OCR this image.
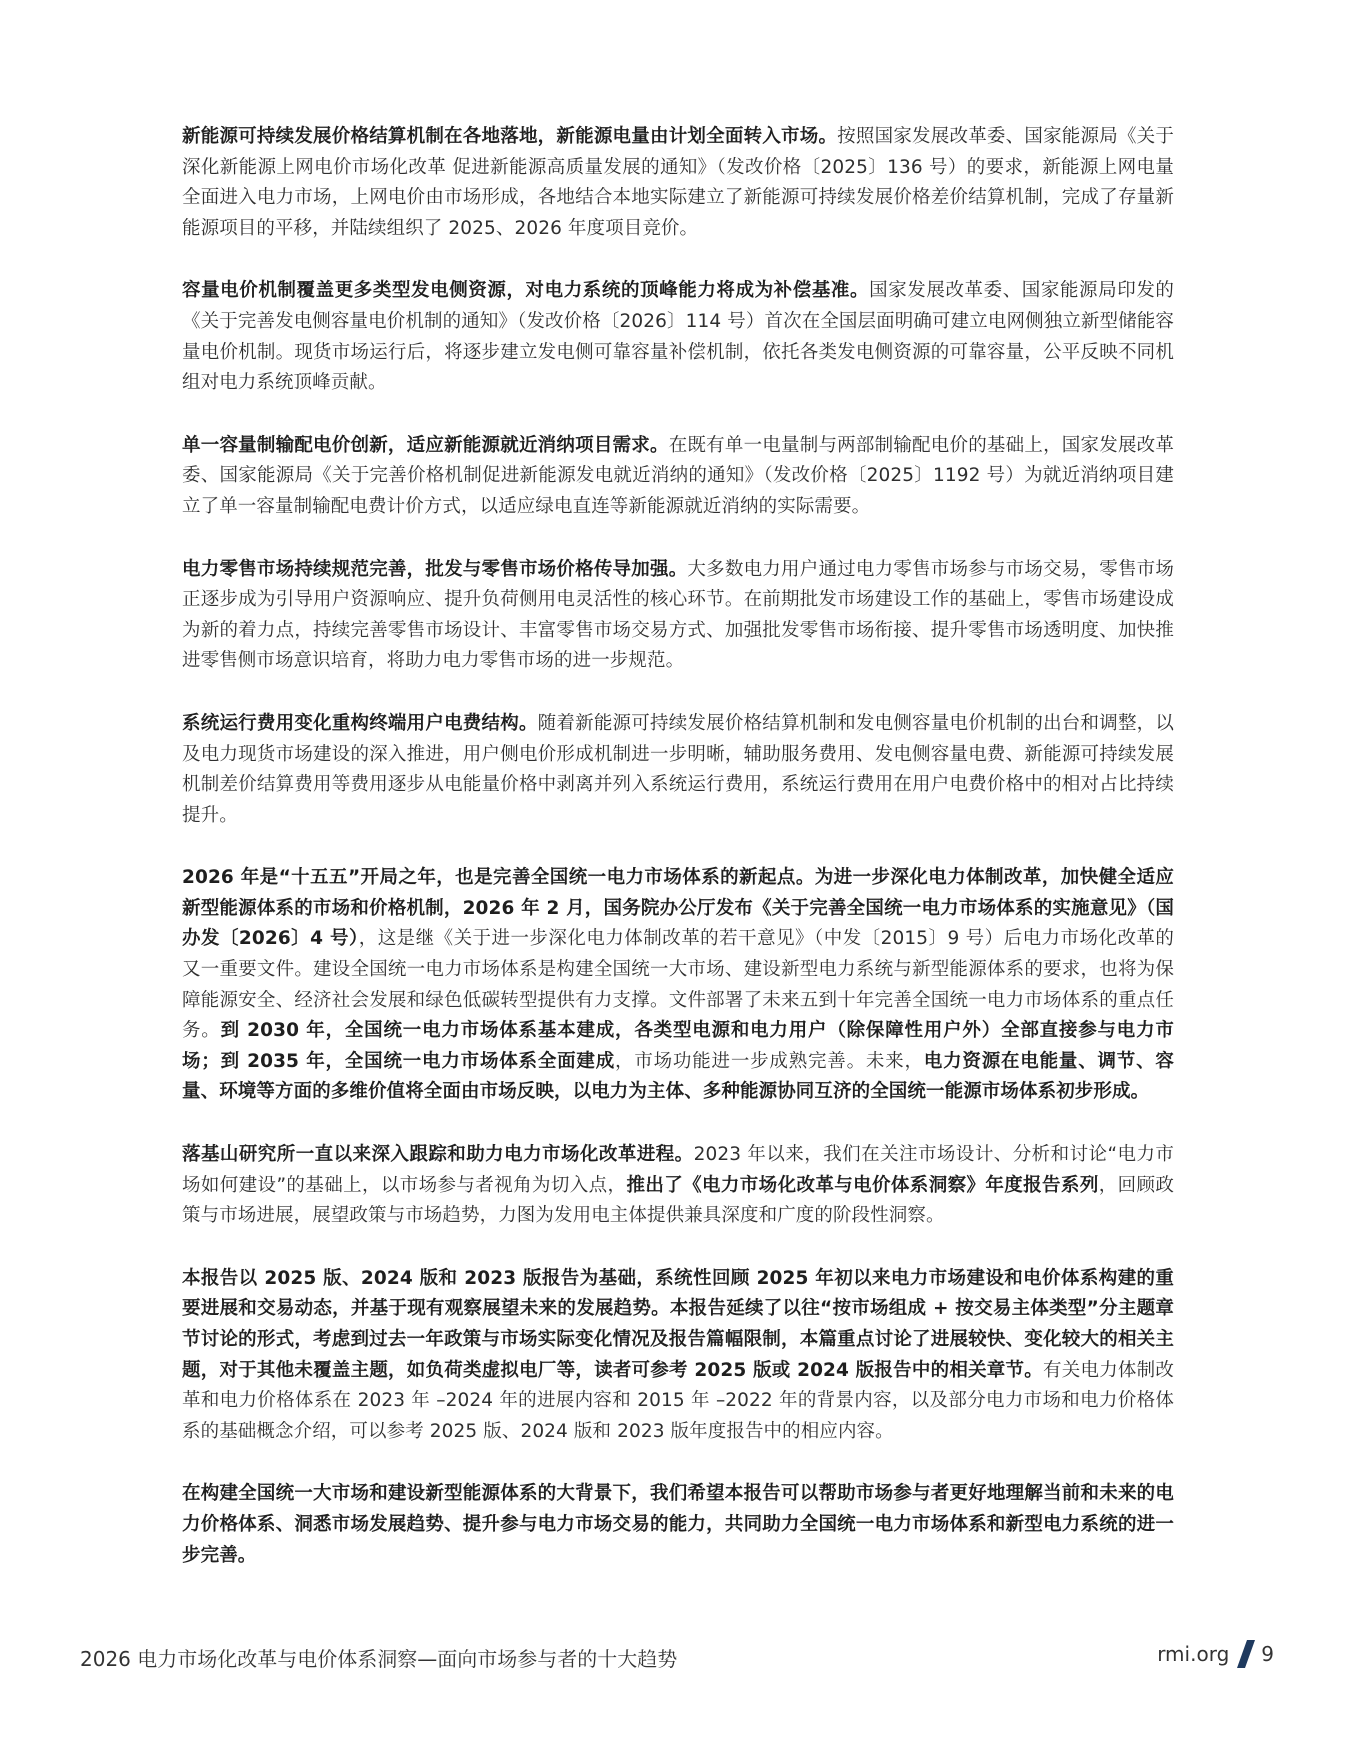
新能源可持续发展价格结算机制在各地落地，新能源电量由计划全面转入市场。按照国家发展改革委、国家能源局《关于深化新能源上网电价市场化改革 促进新能源高质量发展的通知》（发改价格〔2025〕136 号）的要求，新能源上网电量全面进入电力市场，上网电价由市场形成，各地结合本地实际建立了新能源可持续发展价格差价结算机制，完成了存量新能源项目的平移，并陆续组织了 2025、2026 年度项目竞价。

容量电价机制覆盖更多类型发电侧资源，对电力系统的顶峰能力将成为补偿基准。国家发展改革委、国家能源局印发的《关于完善发电侧容量电价机制的通知》（发改价格〔2026〕114 号）首次在全国层面明确可建立电网侧独立新型储能容量电价机制。现货市场运行后，将逐步建立发电侧可靠容量补偿机制，依托各类发电侧资源的可靠容量，公平反映不同机组对电力系统顶峰贡献。

单一容量制输配电价创新，适应新能源就近消纳项目需求。在既有单一电量制与两部制输配电价的基础上，国家发展改革委、国家能源局《关于完善价格机制促进新能源发电就近消纳的通知》（发改价格〔2025〕1192 号）为就近消纳项目建立了单一容量制输配电费计价方式，以适应绿电直连等新能源就近消纳的实际需要。

电力零售市场持续规范完善，批发与零售市场价格传导加强。大多数电力用户通过电力零售市场参与市场交易，零售市场正逐步成为引导用户资源响应、提升负荷侧用电灵活性的核心环节。在前期批发市场建设工作的基础上，零售市场建设成为新的着力点，持续完善零售市场设计、丰富零售市场交易方式、加强批发零售市场衔接、提升零售市场透明度、加快推进零售侧市场意识培育，将助力电力零售市场的进一步规范。

系统运行费用变化重构终端用户电费结构。随着新能源可持续发展价格结算机制和发电侧容量电价机制的出台和调整，以及电力现货市场建设的深入推进，用户侧电价形成机制进一步明晰，辅助服务费用、发电侧容量电费、新能源可持续发展机制差价结算费用等费用逐步从电能量价格中剥离并列入系统运行费用，系统运行费用在用户电费价格中的相对占比持续提升。

2026 年是“十五五”开局之年，也是完善全国统一电力市场体系的新起点。为进一步深化电力体制改革，加快健全适应新型能源体系的市场和价格机制，2026 年 2 月，国务院办公厅发布《关于完善全国统一电力市场体系的实施意见》（国办发〔2026〕4 号），这是继《关于进一步深化电力体制改革的若干意见》（中发〔2015〕9 号）后电力市场化改革的又一重要文件。建设全国统一电力市场体系是构建全国统一大市场、建设新型电力系统与新型能源体系的要求，也将为保障能源安全、经济社会发展和绿色低碳转型提供有力支撑。文件部署了未来五到十年完善全国统一电力市场体系的重点任务。到 2030 年，全国统一电力市场体系基本建成，各类型电源和电力用户（除保障性用户外）全部直接参与电力市场；到 2035 年，全国统一电力市场体系全面建成，市场功能进一步成熟完善。未来，电力资源在电能量、调节、容量、环境等方面的多维价值将全面由市场反映，以电力为主体、多种能源协同互济的全国统一能源市场体系初步形成。

落基山研究所一直以来深入跟踪和助力电力市场化改革进程。2023 年以来，我们在关注市场设计、分析和讨论“电力市场如何建设”的基础上，以市场参与者视角为切入点，推出了《电力市场化改革与电价体系洞察》年度报告系列，回顾政策与市场进展，展望政策与市场趋势，力图为发用电主体提供兼具深度和广度的阶段性洞察。

本报告以 2025 版、2024 版和 2023 版报告为基础，系统性回顾 2025 年初以来电力市场建设和电价体系构建的重要进展和交易动态，并基于现有观察展望未来的发展趋势。本报告延续了以往“按市场组成 + 按交易主体类型”分主题章节讨论的形式，考虑到过去一年政策与市场实际变化情况及报告篇幅限制，本篇重点讨论了进展较快、变化较大的相关主题，对于其他未覆盖主题，如负荷类虚拟电厂等，读者可参考 2025 版或 2024 版报告中的相关章节。有关电力体制改革和电力价格体系在 2023 年 –2024 年的进展内容和 2015 年 –2022 年的背景内容，以及部分电力市场和电力价格体系的基础概念介绍，可以参考 2025 版、2024 版和 2023 版年度报告中的相应内容。

在构建全国统一大市场和建设新型能源体系的大背景下，我们希望本报告可以帮助市场参与者更好地理解当前和未来的电力价格体系、洞悉市场发展趋势、提升参与电力市场交易的能力，共同助力全国统一电力市场体系和新型电力系统的进一步完善。

2026 电力市场化改革与电价体系洞察—面向市场参与者的十大趋势	rmi.org 9
